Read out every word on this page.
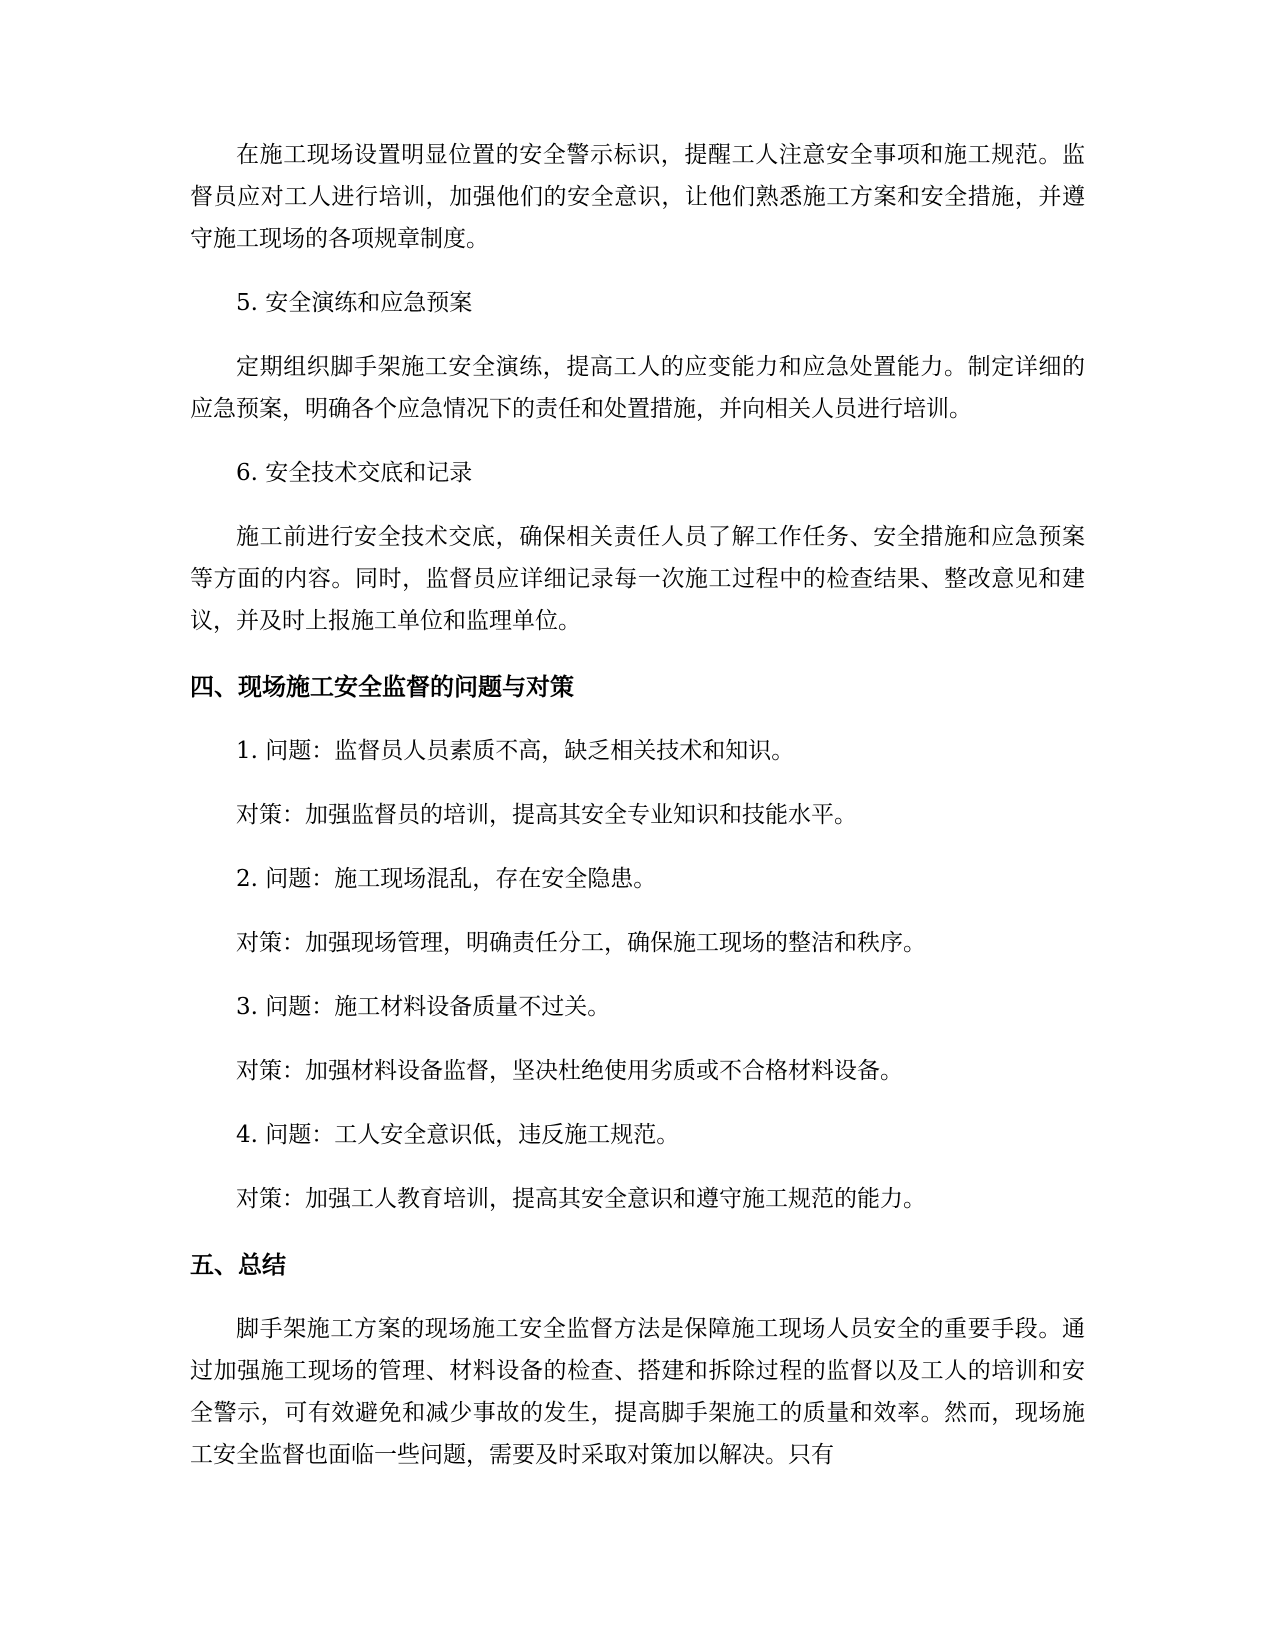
在施工现场设置明显位置的安全警示标识，提醒工人注意安全事项和施工规范。监督员应对工人进行培训，加强他们的安全意识，让他们熟悉施工方案和安全措施，并遵守施工现场的各项规章制度。
5. 安全演练和应急预案
定期组织脚手架施工安全演练，提高工人的应变能力和应急处置能力。制定详细的应急预案，明确各个应急情况下的责任和处置措施，并向相关人员进行培训。
6. 安全技术交底和记录
施工前进行安全技术交底，确保相关责任人员了解工作任务、安全措施和应急预案等方面的内容。同时，监督员应详细记录每一次施工过程中的检查结果、整改意见和建议，并及时上报施工单位和监理单位。
四、现场施工安全监督的问题与对策
1. 问题：监督员人员素质不高，缺乏相关技术和知识。
对策：加强监督员的培训，提高其安全专业知识和技能水平。
2. 问题：施工现场混乱，存在安全隐患。
对策：加强现场管理，明确责任分工，确保施工现场的整洁和秩序。
3. 问题：施工材料设备质量不过关。
对策：加强材料设备监督，坚决杜绝使用劣质或不合格材料设备。
4. 问题：工人安全意识低，违反施工规范。
对策：加强工人教育培训，提高其安全意识和遵守施工规范的能力。
五、总结
脚手架施工方案的现场施工安全监督方法是保障施工现场人员安全的重要手段。通过加强施工现场的管理、材料设备的检查、搭建和拆除过程的监督以及工人的培训和安全警示，可有效避免和减少事故的发生，提高脚手架施工的质量和效率。然而，现场施工安全监督也面临一些问题，需要及时采取对策加以解决。只有
